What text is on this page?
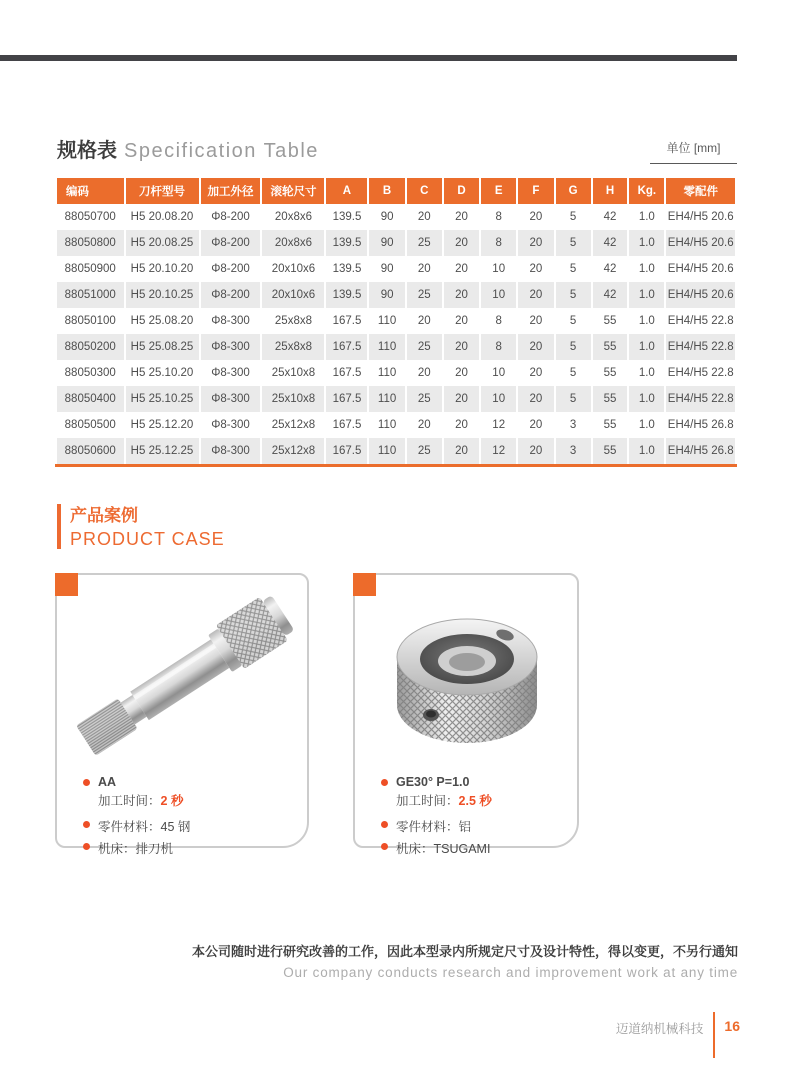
规格表 Specification Table	单位 [mm]
编码	刀杆型号	加工外径	滚轮尺寸	A	B	C	D	E	F	G	H	Kg.	零配件
88050700	H5 20.08.20	Φ8-200	20x8x6	139.5	90	20	20	8	20	5	42	1.0	EH4/H5 20.6
88050800	H5 20.08.25	Φ8-200	20x8x6	139.5	90	25	20	8	20	5	42	1.0	EH4/H5 20.6
88050900	H5 20.10.20	Φ8-200	20x10x6	139.5	90	20	20	10	20	5	42	1.0	EH4/H5 20.6
88051000	H5 20.10.25	Φ8-200	20x10x6	139.5	90	25	20	10	20	5	42	1.0	EH4/H5 20.6
88050100	H5 25.08.20	Φ8-300	25x8x8	167.5	110	20	20	8	20	5	55	1.0	EH4/H5 22.8
88050200	H5 25.08.25	Φ8-300	25x8x8	167.5	110	25	20	8	20	5	55	1.0	EH4/H5 22.8
88050300	H5 25.10.20	Φ8-300	25x10x8	167.5	110	20	20	10	20	5	55	1.0	EH4/H5 22.8
88050400	H5 25.10.25	Φ8-300	25x10x8	167.5	110	25	20	10	20	5	55	1.0	EH4/H5 22.8
88050500	H5 25.12.20	Φ8-300	25x12x8	167.5	110	20	20	12	20	3	55	1.0	EH4/H5 26.8
88050600	H5 25.12.25	Φ8-300	25x12x8	167.5	110	25	20	12	20	3	55	1.0	EH4/H5 26.8
产品案例
PRODUCT CASE
AA
加工时间：2 秒
零件材料：45 钢
机床：排刀机
GE30° P=1.0
加工时间：2.5 秒
零件材料：铝
机床：TSUGAMI
本公司随时进行研究改善的工作，因此本型录内所规定尺寸及设计特性，得以变更，不另行通知
Our company conducts research and improvement work at any time
迈道纳机械科技 16
